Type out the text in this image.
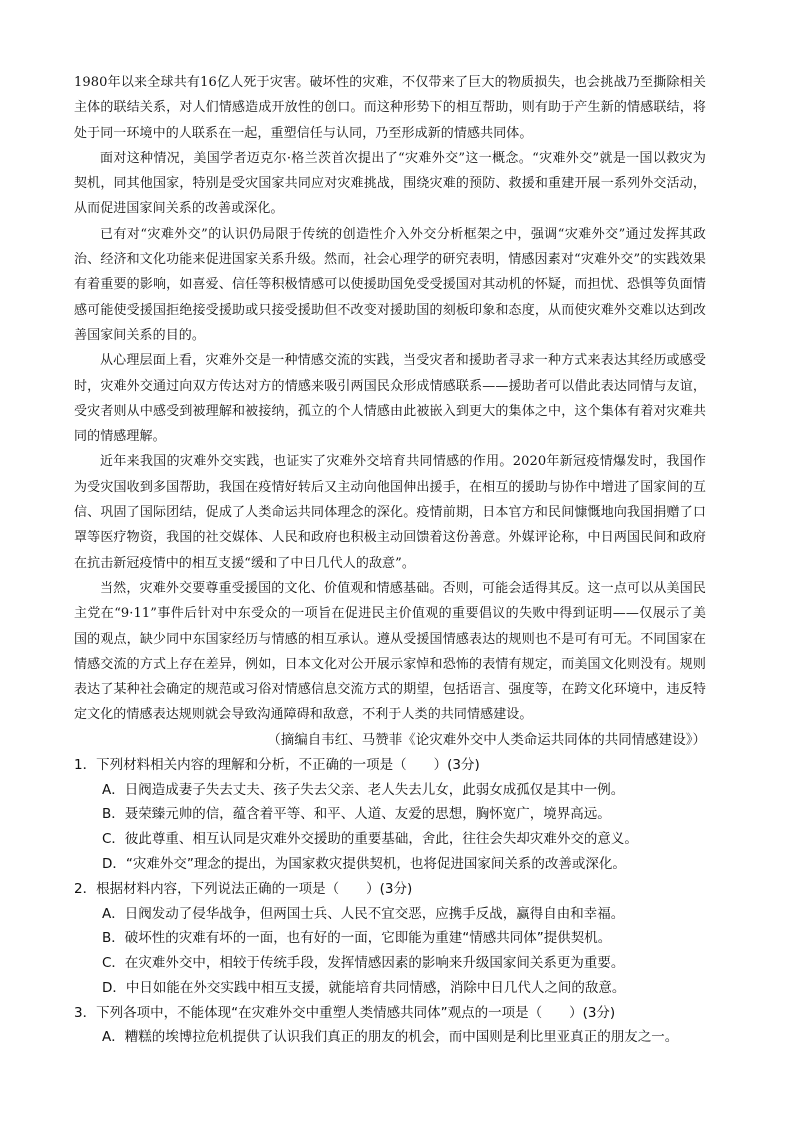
1980年以来全球共有16亿人死于灾害。破坏性的灾难，不仅带来了巨大的物质损失，也会挑战乃至撕除相关主体的联结关系，对人们情感造成开放性的创口。而这种形势下的相互帮助，则有助于产生新的情感联结，将处于同一环境中的人联系在一起，重塑信任与认同，乃至形成新的情感共同体。

面对这种情况，美国学者迈克尔·格兰茨首次提出了“灾难外交”这一概念。“灾难外交”就是一国以救灾为契机，同其他国家，特别是受灾国家共同应对灾难挑战，围绕灾难的预防、救援和重建开展一系列外交活动，从而促进国家间关系的改善或深化。

已有对“灾难外交”的认识仍局限于传统的创造性介入外交分析框架之中，强调“灾难外交”通过发挥其政治、经济和文化功能来促进国家关系升级。然而，社会心理学的研究表明，情感因素对“灾难外交”的实践效果有着重要的影响，如喜爱、信任等积极情感可以使援助国免受受援国对其动机的怀疑，而担忧、恐惧等负面情感可能使受援国拒绝接受援助或只接受援助但不改变对援助国的刻板印象和态度，从而使灾难外交难以达到改善国家间关系的目的。

从心理层面上看，灾难外交是一种情感交流的实践，当受灾者和援助者寻求一种方式来表达其经历或感受时，灾难外交通过向双方传达对方的情感来吸引两国民众形成情感联系——援助者可以借此表达同情与友谊，受灾者则从中感受到被理解和被接纳，孤立的个人情感由此被嵌入到更大的集体之中，这个集体有着对灾难共同的情感理解。

近年来我国的灾难外交实践，也证实了灾难外交培育共同情感的作用。2020年新冠疫情爆发时，我国作为受灾国收到多国帮助，我国在疫情好转后又主动向他国伸出援手，在相互的援助与协作中增进了国家间的互信、巩固了国际团结，促成了人类命运共同体理念的深化。疫情前期，日本官方和民间慷慨地向我国捐赠了口罩等医疗物资，我国的社交媒体、人民和政府也积极主动回馈着这份善意。外媒评论称，中日两国民间和政府在抗击新冠疫情中的相互支援“缓和了中日几代人的敌意”。

当然，灾难外交要尊重受援国的文化、价值观和情感基础。否则，可能会适得其反。这一点可以从美国民主党在“9·11”事件后针对中东受众的一项旨在促进民主价值观的重要倡议的失败中得到证明——仅展示了美国的观点，缺少同中东国家经历与情感的相互承认。遵从受援国情感表达的规则也不是可有可无。不同国家在情感交流的方式上存在差异，例如，日本文化对公开展示家悼和恐怖的表情有规定，而美国文化则没有。规则表达了某种社会确定的规范或习俗对情感信息交流方式的期望，包括语言、强度等，在跨文化环境中，违反特定文化的情感表达规则就会导致沟通障碍和敌意，不利于人类的共同情感建设。

（摘编自韦红、马赞菲《论灾难外交中人类命运共同体的共同情感建设》）

1．下列材料相关内容的理解和分析，不正确的一项是（　　）(3分)

A．日阀造成妻子失去丈夫、孩子失去父亲、老人失去儿女，此弱女成孤仅是其中一例。

B．聂荣臻元帅的信，蕴含着平等、和平、人道、友爱的思想，胸怀宽广，境界高远。

C．彼此尊重、相互认同是灾难外交援助的重要基础，舍此，往往会失却灾难外交的意义。

D．“灾难外交”理念的提出，为国家救灾提供契机，也将促进国家间关系的改善或深化。

2．根据材料内容，下列说法正确的一项是（　　）(3分)

A．日阀发动了侵华战争，但两国士兵、人民不宜交恶，应携手反战，赢得自由和幸福。

B．破坏性的灾难有坏的一面，也有好的一面，它即能为重建“情感共同体”提供契机。

C．在灾难外交中，相较于传统手段，发挥情感因素的影响来升级国家间关系更为重要。

D．中日如能在外交实践中相互支援，就能培育共同情感，消除中日几代人之间的敌意。

3．下列各项中，不能体现“在灾难外交中重塑人类情感共同体”观点的一项是（　　）(3分)

A．糟糕的埃博拉危机提供了认识我们真正的朋友的机会，而中国则是利比里亚真正的朋友之一。
